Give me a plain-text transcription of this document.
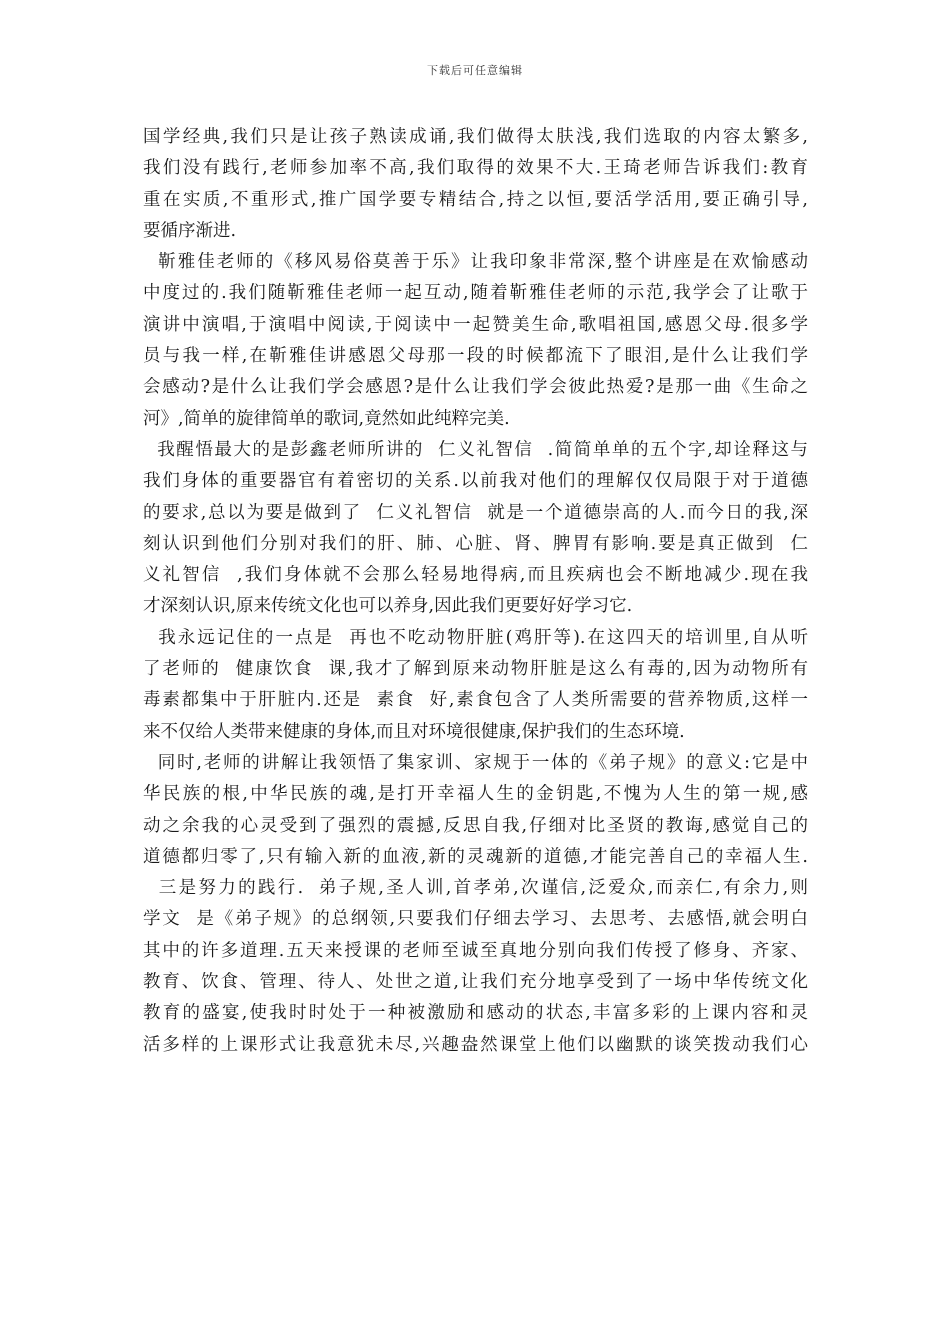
下载后可任意编辑
国学经典,我们只是让孩子熟读成诵,我们做得太肤浅,我们选取的内容太繁多,
我们没有践行,老师参加率不高,我们取得的效果不大.王琦老师告诉我们:教育
重在实质,不重形式,推广国学要专精结合,持之以恒,要活学活用,要正确引导,
要循序渐进.
靳雅佳老师的《移风易俗莫善于乐》让我印象非常深,整个讲座是在欢愉感动
中度过的.我们随靳雅佳老师一起互动,随着靳雅佳老师的示范,我学会了让歌于
演讲中演唱,于演唱中阅读,于阅读中一起赞美生命,歌唱祖国,感恩父母.很多学
员与我一样,在靳雅佳讲感恩父母那一段的时候都流下了眼泪,是什么让我们学
会感动?是什么让我们学会感恩?是什么让我们学会彼此热爱?是那一曲《生命之
河》,简单的旋律简单的歌词,竟然如此纯粹完美.
我醒悟最大的是彭鑫老师所讲的  仁义礼智信  .简简单单的五个字,却诠释这与
我们身体的重要器官有着密切的关系.以前我对他们的理解仅仅局限于对于道德
的要求,总以为要是做到了  仁义礼智信  就是一个道德崇高的人.而今日的我,深
刻认识到他们分别对我们的肝、肺、心脏、肾、脾胃有影响.要是真正做到  仁
义礼智信  ,我们身体就不会那么轻易地得病,而且疾病也会不断地减少.现在我
才深刻认识,原来传统文化也可以养身,因此我们更要好好学习它.
我永远记住的一点是  再也不吃动物肝脏(鸡肝等).在这四天的培训里,自从听
了老师的  健康饮食  课,我才了解到原来动物肝脏是这么有毒的,因为动物所有
毒素都集中于肝脏内.还是  素食  好,素食包含了人类所需要的营养物质,这样一
来不仅给人类带来健康的身体,而且对环境很健康,保护我们的生态环境.
同时,老师的讲解让我领悟了集家训、家规于一体的《弟子规》的意义:它是中
华民族的根,中华民族的魂,是打开幸福人生的金钥匙,不愧为人生的第一规,感
动之余我的心灵受到了强烈的震撼,反思自我,仔细对比圣贤的教诲,感觉自己的
道德都归零了,只有输入新的血液,新的灵魂新的道德,才能完善自己的幸福人生.
三是努力的践行.  弟子规,圣人训,首孝弟,次谨信,泛爱众,而亲仁,有余力,则
学文  是《弟子规》的总纲领,只要我们仔细去学习、去思考、去感悟,就会明白
其中的许多道理.五天来授课的老师至诚至真地分别向我们传授了修身、齐家、
教育、饮食、管理、待人、处世之道,让我们充分地享受到了一场中华传统文化
教育的盛宴,使我时时处于一种被激励和感动的状态,丰富多彩的上课内容和灵
活多样的上课形式让我意犹未尽,兴趣盎然课堂上他们以幽默的谈笑拨动我们心
